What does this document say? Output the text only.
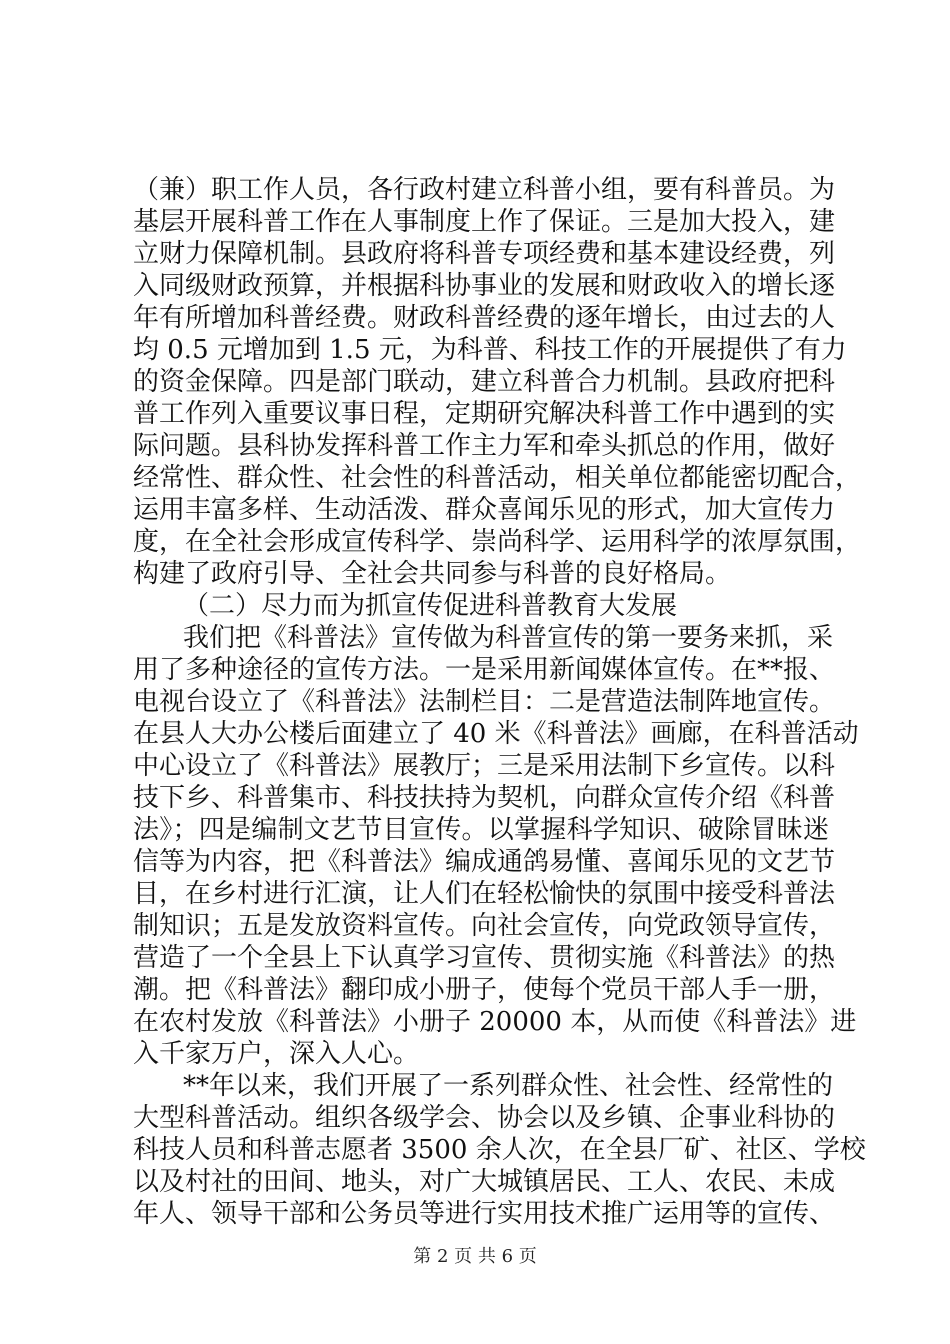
（兼）职工作人员，各行政村建立科普小组，要有科普员。为
基层开展科普工作在人事制度上作了保证。三是加大投入，建
立财力保障机制。县政府将科普专项经费和基本建设经费，列
入同级财政预算，并根据科协事业的发展和财政收入的增长逐
年有所增加科普经费。财政科普经费的逐年增长，由过去的人
均 0.5 元增加到 1.5 元，为科普、科技工作的开展提供了有力
的资金保障。四是部门联动，建立科普合力机制。县政府把科
普工作列入重要议事日程，定期研究解决科普工作中遇到的实
际问题。县科协发挥科普工作主力军和牵头抓总的作用，做好
经常性、群众性、社会性的科普活动，相关单位都能密切配合，
运用丰富多样、生动活泼、群众喜闻乐见的形式，加大宣传力
度，在全社会形成宣传科学、崇尚科学、运用科学的浓厚氛围，
构建了政府引导、全社会共同参与科普的良好格局。
（二）尽力而为抓宣传促进科普教育大发展
我们把《科普法》宣传做为科普宣传的第一要务来抓，采
用了多种途径的宣传方法。一是采用新闻媒体宣传。在**报、
电视台设立了《科普法》法制栏目：二是营造法制阵地宣传。
在县人大办公楼后面建立了 40 米《科普法》画廊，在科普活动
中心设立了《科普法》展教厅；三是采用法制下乡宣传。以科
技下乡、科普集市、科技扶持为契机，向群众宣传介绍《科普
法》；四是编制文艺节目宣传。以掌握科学知识、破除冒昧迷
信等为内容，把《科普法》编成通鸽易懂、喜闻乐见的文艺节
目，在乡村进行汇演，让人们在轻松愉快的氛围中接受科普法
制知识；五是发放资料宣传。向社会宣传，向党政领导宣传，
营造了一个全县上下认真学习宣传、贯彻实施《科普法》的热
潮。把《科普法》翻印成小册子，使每个党员干部人手一册，
在农村发放《科普法》小册子 20000 本，从而使《科普法》进
入千家万户，深入人心。
**年以来，我们开展了一系列群众性、社会性、经常性的
大型科普活动。组织各级学会、协会以及乡镇、企事业科协的
科技人员和科普志愿者 3500 余人次，在全县厂矿、社区、学校
以及村社的田间、地头，对广大城镇居民、工人、农民、未成
年人、领导干部和公务员等进行实用技术推广运用等的宣传、
第 2 页 共 6 页
